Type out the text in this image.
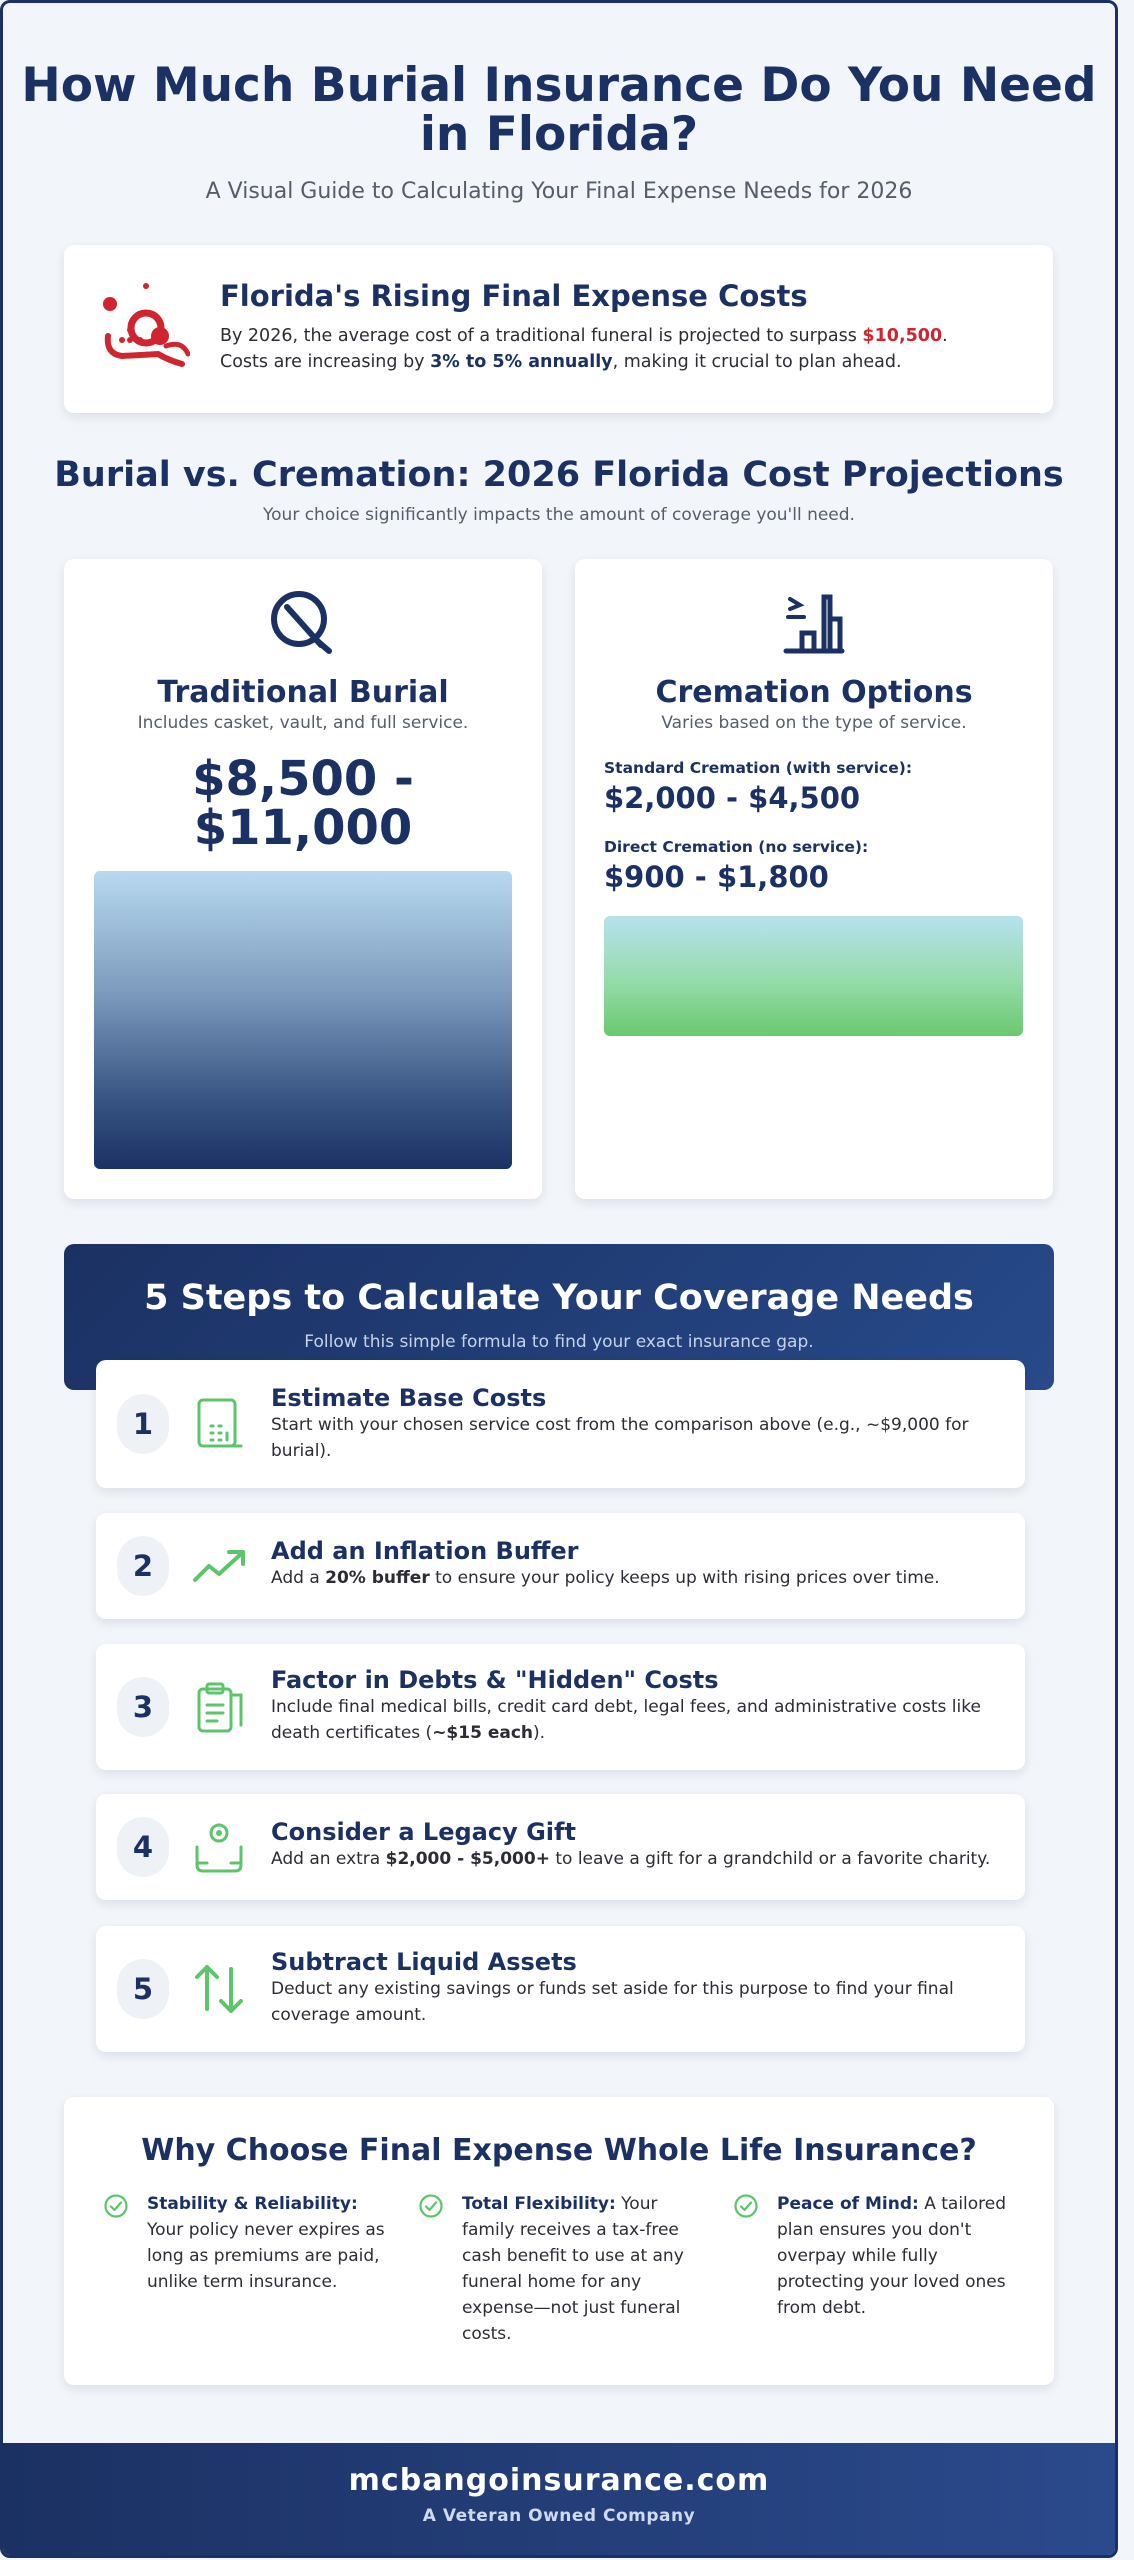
How Much Burial Insurance Do You Need in Florida?

A Visual Guide to Calculating Your Final Expense Needs for 2026

Florida's Rising Final Expense Costs
By 2026, the average cost of a traditional funeral is projected to surpass $10,500.
Costs are increasing by 3% to 5% annually, making it crucial to plan ahead.
Burial vs. Cremation: 2026 Florida Cost Projections
Your choice significantly impacts the amount of coverage you'll need.
Traditional Burial
Includes casket, vault, and full service.
$8,500 -
$11,000
Cremation Options
Varies based on the type of service.
Standard Cremation (with service):
$2,000 - $4,500
Direct Cremation (no service):
$900 - $1,800
5 Steps to Calculate Your Coverage Needs

Follow this simple formula to find your exact insurance gap.

1
Estimate Base Costs
Start with your chosen service cost from the comparison above (e.g., ~$9,000 for burial).
2	Add an Inflation Buffer
Add a 20% buffer to ensure your policy keeps up with rising prices over time.
3
Factor in Debts & "Hidden" Costs
Include final medical bills, credit card debt, legal fees, and administrative costs like death certificates (~$15 each).
4	Consider a Legacy Gift
Add an extra $2,000 - $5,000+ to leave a gift for a grandchild or a favorite charity.
5
Subtract Liquid Assets
Deduct any existing savings or funds set aside for this purpose to find your final coverage amount.
Why Choose Final Expense Whole Life Insurance?
Stability & Reliability: Your policy never expires as long as premiums are paid, unlike term insurance.
Total Flexibility: Your family receives a tax-free cash benefit to use at any funeral home for any expense—not just funeral costs.
Peace of Mind: A tailored plan ensures you don't overpay while fully protecting your loved ones from debt.
mcbangoinsurance.com
A Veteran Owned Company
